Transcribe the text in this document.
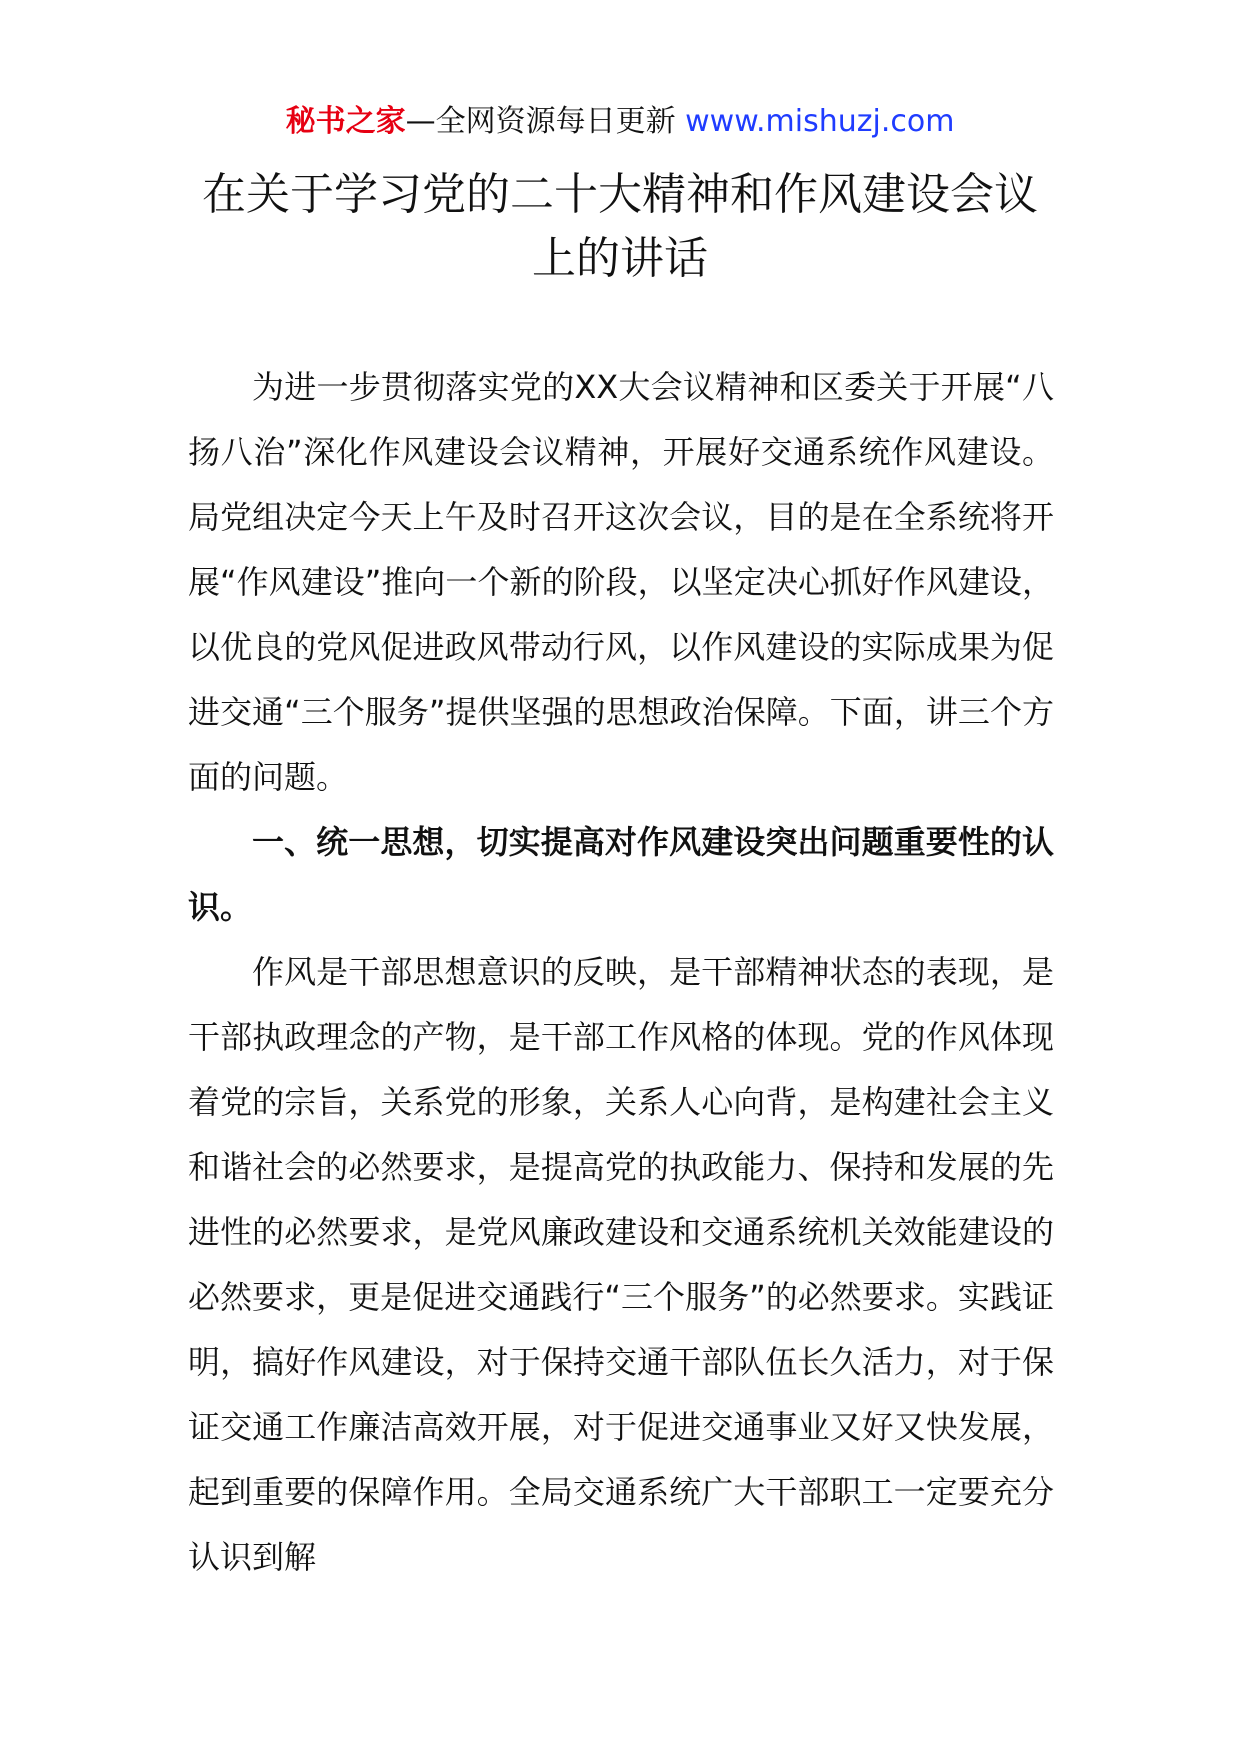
秘书之家—全网资源每日更新 www.mishuzj.com
在关于学习党的二十大精神和作风建设会议上的讲话

为进一步贯彻落实党的XX大会议精神和区委关于开展“八扬八治”深化作风建设会议精神，开展好交通系统作风建设。局党组决定今天上午及时召开这次会议，目的是在全系统将开展“作风建设”推向一个新的阶段，以坚定决心抓好作风建设，以优良的党风促进政风带动行风，以作风建设的实际成果为促进交通“三个服务”提供坚强的思想政治保障。下面，讲三个方面的问题。

一、统一思想，切实提高对作风建设突出问题重要性的认识。

作风是干部思想意识的反映，是干部精神状态的表现，是干部执政理念的产物，是干部工作风格的体现。党的作风体现着党的宗旨，关系党的形象，关系人心向背，是构建社会主义和谐社会的必然要求，是提高党的执政能力、保持和发展的先进性的必然要求，是党风廉政建设和交通系统机关效能建设的必然要求，更是促进交通践行“三个服务”的必然要求。实践证明，搞好作风建设，对于保持交通干部队伍长久活力，对于保证交通工作廉洁高效开展，对于促进交通事业又好又快发展，起到重要的保障作用。全局交通系统广大干部职工一定要充分认识到解
